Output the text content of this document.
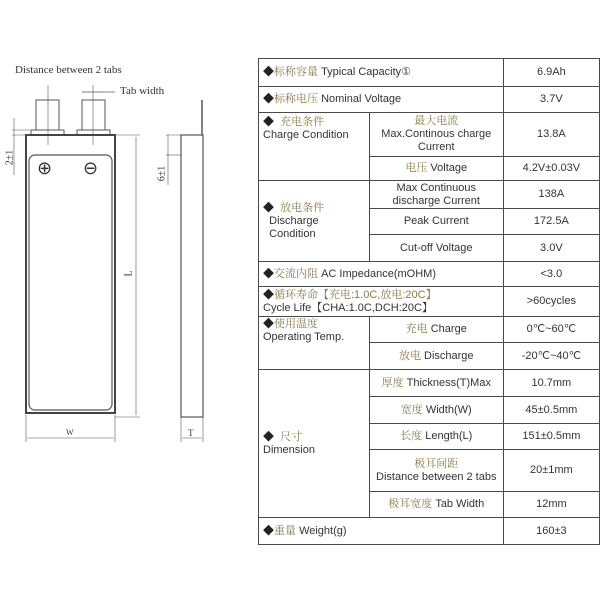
Distance between 2 tabs
Tab width
2±1
6±1
L
W	T
⊕ ⊖
◆标称容量 Typical Capacity①		6.9Ah
◆标称电压 Nominal Voltage		3.7V
◆ 充电条件
Charge Condition	最大电流
Max.Continous charge Current	13.8A
	电压 Voltage	4.2V±0.03V
◆ 放电条件
Discharge
Condition	Max Continuous discharge Current	138A
	Peak Current	172.5A
	Cut-off Voltage	3.0V
◆交流内阻 AC Impedance(mOHM)		<3.0
◆循环寿命【充电:1.0C,放电:20C】
Cycle Life【CHA:1.0C,DCH:20C】		>60cycles
◆使用温度
Operating Temp.	充电 Charge	0℃~60℃
	放电 Discharge	-20℃~40℃
◆ 尺寸
Dimension	厚度 Thickness(T)Max	10.7mm
	宽度 Width(W)	45±0.5mm
	长度 Length(L)	151±0.5mm
	极耳间距
Distance between 2 tabs	20±1mm
	极耳宽度 Tab Width	12mm
◆重量 Weight(g)		160±3
